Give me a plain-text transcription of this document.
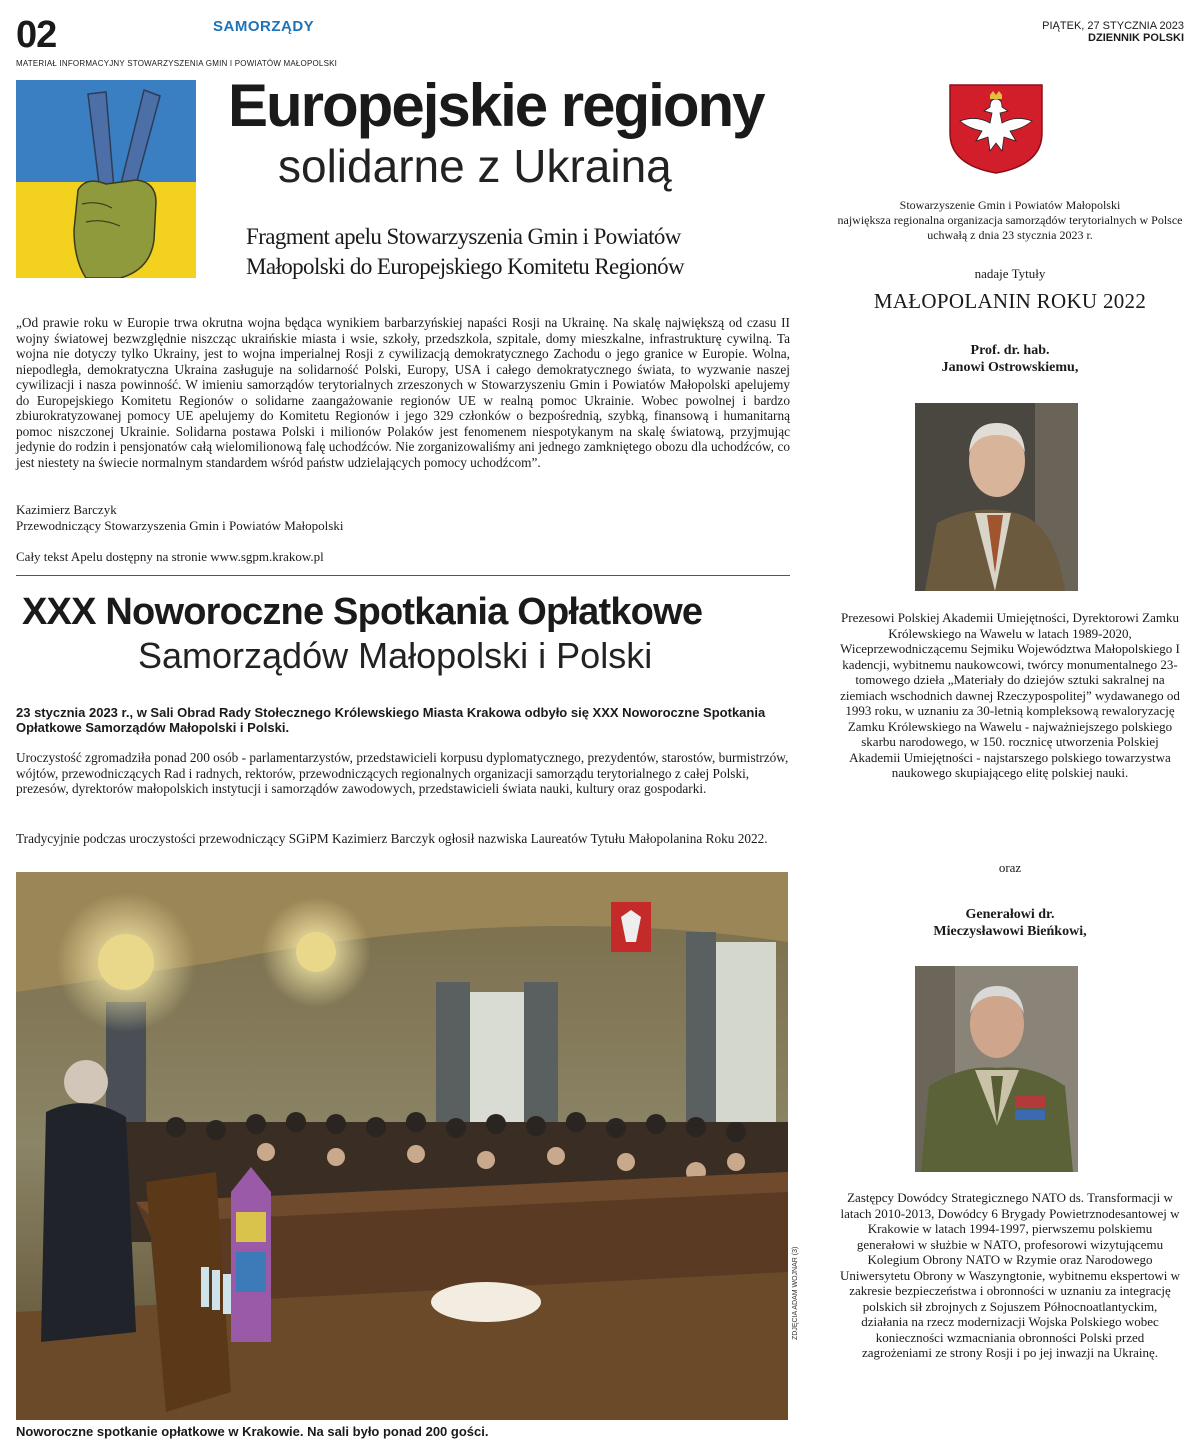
02	SAMORZĄDY	PIĄTEK, 27 STYCZNIA 2023
DZIENNIK POLSKI
MATERIAŁ INFORMACYJNY STOWARZYSZENIA GMIN I POWIATÓW MAŁOPOLSKI
Europejskie regiony
solidarne z Ukrainą
Fragment apelu Stowarzyszenia Gmin i Powiatów
Małopolski do Europejskiego Komitetu Regionów
„Od prawie roku w Europie trwa okrutna wojna będąca wynikiem barbarzyńskiej napaści Rosji na Ukrainę. Na skalę największą od czasu II wojny światowej bezwzględnie niszcząc ukraińskie miasta i wsie, szkoły, przedszkola, szpitale, domy mieszkalne, infrastrukturę cywilną. Ta wojna nie dotyczy tylko Ukrainy, jest to wojna imperialnej Rosji z cywilizacją demokratycznego Zachodu o jego granice w Europie. Wolna, niepodległa, demokratyczna Ukraina zasługuje na solidarność Polski, Europy, USA i całego demokratycznego świata, to wyzwanie naszej cywilizacji i nasza powinność. W imieniu samorządów terytorialnych zrzeszonych w Stowarzyszeniu Gmin i Powiatów Małopolski apelujemy do Europejskiego Komitetu Regionów o solidarne zaangażowanie regionów UE w realną pomoc Ukrainie. Wobec powolnej i bardzo zbiurokratyzowanej pomocy UE apelujemy do Komitetu Regionów i jego 329 członków o bezpośrednią, szybką, finansową i humanitarną pomoc niszczonej Ukrainie. Solidarna postawa Polski i milionów Polaków jest fenomenem niespotykanym na skalę światową, przyjmując jedynie do rodzin i pensjonatów całą wielomilionową falę uchodźców. Nie zorganizowaliśmy ani jednego zamkniętego obozu dla uchodźców, co jest niestety na świecie normalnym standardem wśród państw udzielających pomocy uchodźcom”.
Kazimierz Barczyk
Przewodniczący Stowarzyszenia Gmin i Powiatów Małopolski
Cały tekst Apelu dostępny na stronie www.sgpm.krakow.pl
XXX Noworoczne Spotkania Opłatkowe
Samorządów Małopolski i Polski
23 stycznia 2023 r., w Sali Obrad Rady Stołecznego Królewskiego Miasta Krakowa odbyło się XXX Noworoczne Spotkania Opłatkowe Samorządów Małopolski i Polski.
Uroczystość zgromadziła ponad 200 osób - parlamentarzystów, przedstawicieli korpusu dyplomatycznego, prezydentów, starostów, burmistrzów, wójtów, przewodniczących Rad i radnych, rektorów, przewodniczących regionalnych organizacji samorządu terytorialnego z całej Polski, prezesów, dyrektorów małopolskich instytucji i samorządów zawodowych, przedstawicieli świata nauki, kultury oraz gospodarki.
Tradycyjnie podczas uroczystości przewodniczący SGiPM Kazimierz Barczyk ogłosił nazwiska Laureatów Tytułu Małopolanina Roku 2022.
ZDJĘCIA ADAM WOJNAR (3)
Noworoczne spotkanie opłatkowe w Krakowie. Na sali było ponad 200 gości.
Stowarzyszenie Gmin i Powiatów Małopolski
największa regionalna organizacja samorządów terytorialnych w Polsce
uchwałą z dnia 23 stycznia 2023 r.
nadaje Tytuły
MAŁOPOLANIN ROKU 2022
Prof. dr. hab.
Janowi Ostrowskiemu,
Prezesowi Polskiej Akademii Umiejętności, Dyrektorowi Zamku Królewskiego na Wawelu w latach 1989-2020, Wiceprzewodniczącemu Sejmiku Województwa Małopolskiego I kadencji, wybitnemu naukowcowi, twórcy monumentalnego 23-tomowego dzieła „Materiały do dziejów sztuki sakralnej na ziemiach wschodnich dawnej Rzeczypospolitej” wydawanego od 1993 roku, w uznaniu za 30-letnią kompleksową rewaloryzację Zamku Królewskiego na Wawelu - najważniejszego polskiego skarbu narodowego, w 150. rocznicę utworzenia Polskiej Akademii Umiejętności - najstarszego polskiego towarzystwa naukowego skupiającego elitę polskiej nauki.
oraz
Generałowi dr.
Mieczysławowi Bieńkowi,
Zastępcy Dowódcy Strategicznego NATO ds. Transformacji w latach 2010-2013, Dowódcy 6 Brygady Powietrznodesantowej w Krakowie w latach 1994-1997, pierwszemu polskiemu generałowi w służbie w NATO, profesorowi wizytującemu Kolegium Obrony NATO w Rzymie oraz Narodowego Uniwersytetu Obrony w Waszyngtonie, wybitnemu ekspertowi w zakresie bezpieczeństwa i obronności w uznaniu za integrację polskich sił zbrojnych z Sojuszem Północnoatlantyckim, działania na rzecz modernizacji Wojska Polskiego wobec konieczności wzmacniania obronności Polski przed zagrożeniami ze strony Rosji i po jej inwazji na Ukrainę.
